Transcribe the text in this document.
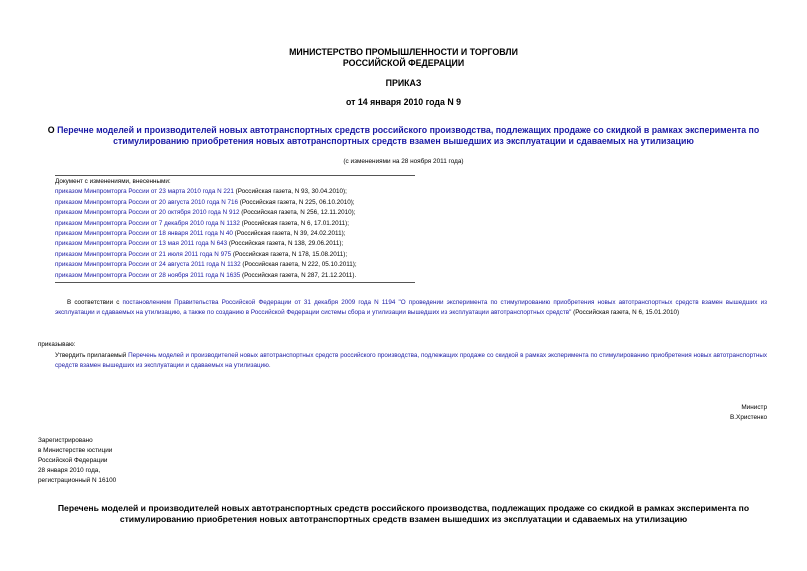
МИНИСТЕРСТВО ПРОМЫШЛЕННОСТИ И ТОРГОВЛИ
РОССИЙСКОЙ ФЕДЕРАЦИИ
ПРИКАЗ
от 14 января 2010 года N 9
О Перечне моделей и производителей новых автотранспортных средств российского производства, подлежащих продаже со скидкой в рамках эксперимента по стимулированию приобретения новых автотранспортных средств взамен вышедших из эксплуатации и сдаваемых на утилизацию
(с изменениями на 28 ноября 2011 года)
Документ с изменениями, внесенными:
приказом Минпромторга России от 23 марта 2010 года N 221 (Российская газета, N 93, 30.04.2010);
приказом Минпромторга России от 20 августа 2010 года N 716 (Российская газета, N 225, 06.10.2010);
приказом Минпромторга России от 20 октября 2010 года N 912 (Российская газета, N 256, 12.11.2010);
приказом Минпромторга России от 7 декабря 2010 года N 1132 (Российская газета, N 6, 17.01.2011);
приказом Минпромторга России от 18 января 2011 года N 40 (Российская газета, N 39, 24.02.2011);
приказом Минпромторга России от 13 мая 2011 года N 643 (Российская газета, N 138, 29.06.2011);
приказом Минпромторга России от 21 июля 2011 года N 975 (Российская газета, N 178, 15.08.2011);
приказом Минпромторга России от 24 августа 2011 года N 1132 (Российская газета, N 222, 05.10.2011);
приказом Минпромторга России от 28 ноября 2011 года N 1635 (Российская газета, N 287, 21.12.2011).
В соответствии с постановлением Правительства Российской Федерации от 31 декабря 2009 года N 1194 "О проведении эксперимента по стимулированию приобретения новых автотранспортных средств взамен вышедших из эксплуатации и сдаваемых на утилизацию, а также по созданию в Российской Федерации системы сбора и утилизации вышедших из эксплуатации автотранспортных средств" (Российская газета, N 6, 15.01.2010)
приказываю:
Утвердить прилагаемый Перечень моделей и производителей новых автотранспортных средств российского производства, подлежащих продаже со скидкой в рамках эксперимента по стимулированию приобретения новых автотранспортных средств взамен вышедших из эксплуатации и сдаваемых на утилизацию.
Министр
В.Христенко
Зарегистрировано
в Министерстве юстиции
Российской Федерации
28 января 2010 года,
регистрационный N 16100
Перечень моделей и производителей новых автотранспортных средств российского производства, подлежащих продаже со скидкой в рамках эксперимента по стимулированию приобретения новых автотранспортных средств взамен вышедших из эксплуатации и сдаваемых на утилизацию
